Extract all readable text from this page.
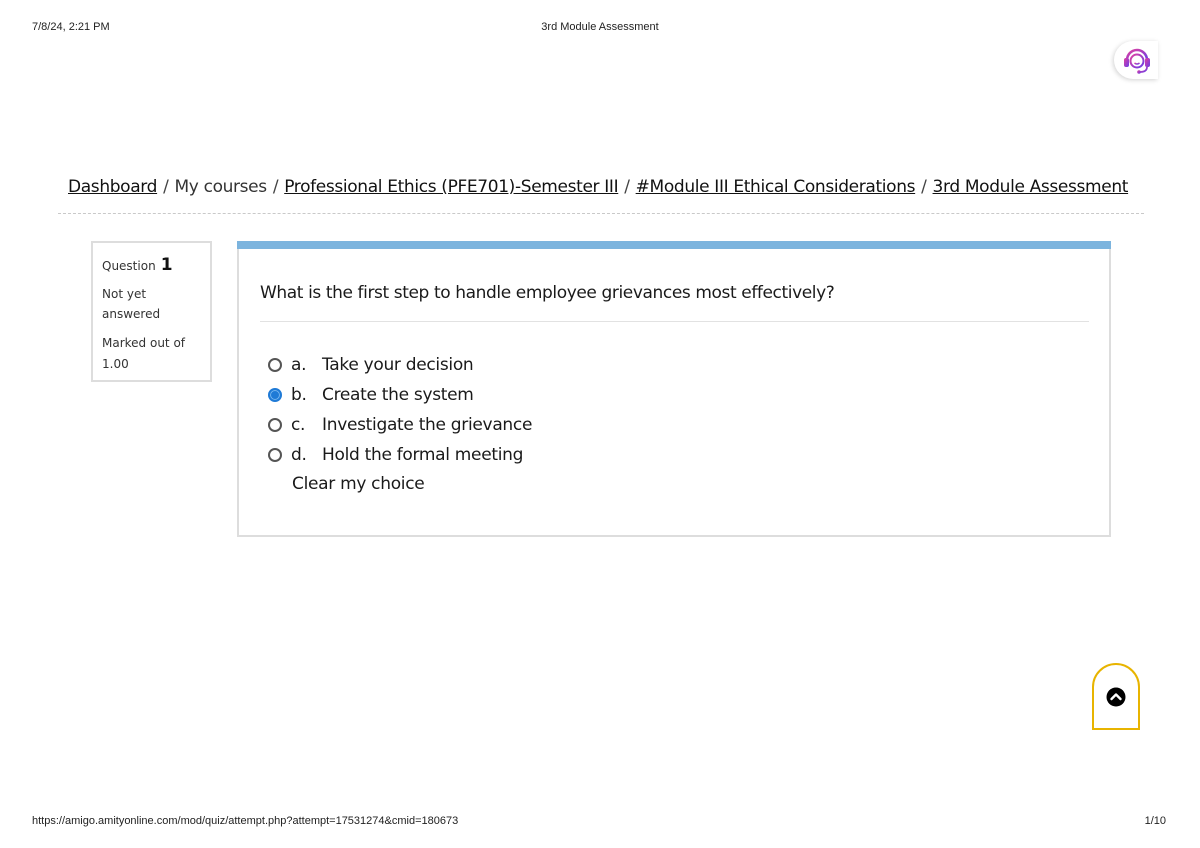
7/8/24, 2:21 PM	3rd Module Assessment
Dashboard / My courses / Professional Ethics (PFE701)-Semester III / #Module III Ethical Considerations / 3rd Module Assessment
Question 1
Not yet answered
Marked out of 1.00
What is the first step to handle employee grievances most effectively?
a. Take your decision
b. Create the system
c. Investigate the grievance
d. Hold the formal meeting
Clear my choice
https://amigo.amityonline.com/mod/quiz/attempt.php?attempt=17531274&cmid=180673	1/10
